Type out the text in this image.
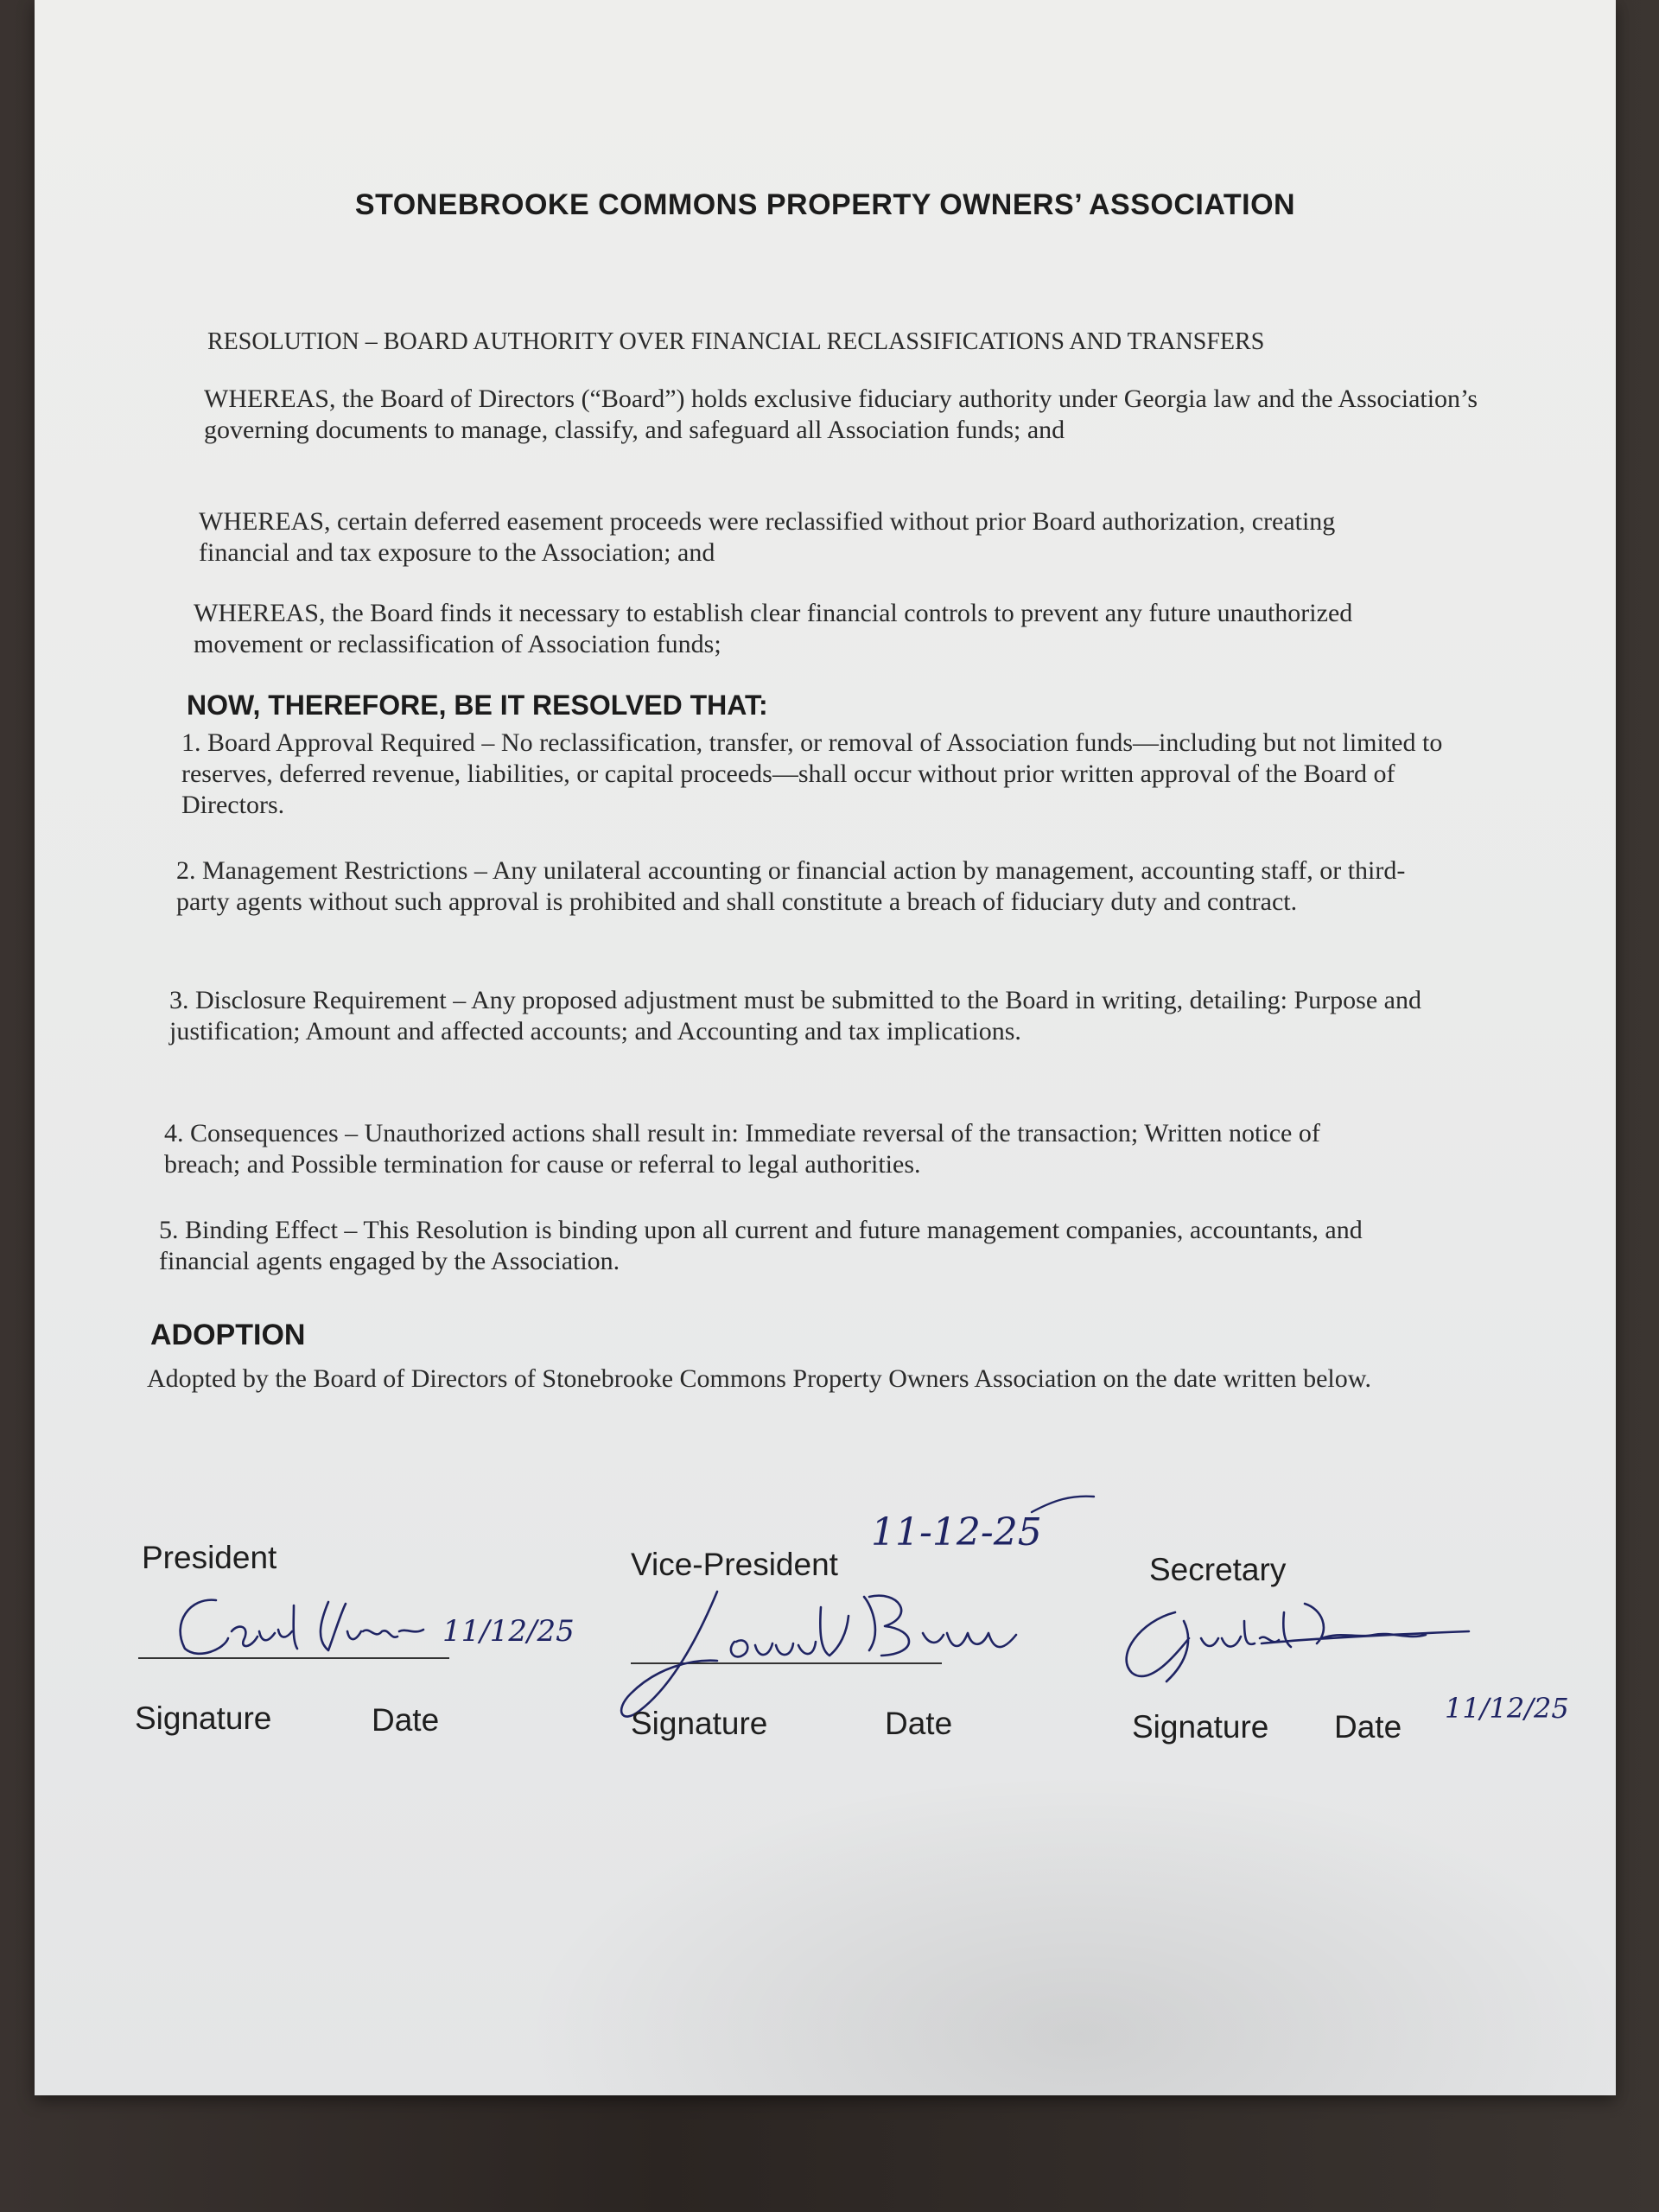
STONEBROOKE COMMONS PROPERTY OWNERS’ ASSOCIATION

RESOLUTION – BOARD AUTHORITY OVER FINANCIAL RECLASSIFICATIONS AND TRANSFERS

WHEREAS, the Board of Directors (“Board”) holds exclusive fiduciary authority under Georgia law and the Association’s governing documents to manage, classify, and safeguard all Association funds; and

WHEREAS, certain deferred easement proceeds were reclassified without prior Board authorization, creating financial and tax exposure to the Association; and

WHEREAS, the Board finds it necessary to establish clear financial controls to prevent any future unauthorized movement or reclassification of Association funds;

NOW, THEREFORE, BE IT RESOLVED THAT:

1. Board Approval Required – No reclassification, transfer, or removal of Association funds—including but not limited to reserves, deferred revenue, liabilities, or capital proceeds—shall occur without prior written approval of the Board of Directors.

2. Management Restrictions – Any unilateral accounting or financial action by management, accounting staff, or third-party agents without such approval is prohibited and shall constitute a breach of fiduciary duty and contract.

3. Disclosure Requirement – Any proposed adjustment must be submitted to the Board in writing, detailing: Purpose and justification; Amount and affected accounts; and Accounting and tax implications.

4. Consequences – Unauthorized actions shall result in: Immediate reversal of the transaction; Written notice of breach; and Possible termination for cause or referral to legal authorities.

5. Binding Effect – This Resolution is binding upon all current and future management companies, accountants, and financial agents engaged by the Association.

ADOPTION

Adopted by the Board of Directors of Stonebrooke Commons Property Owners Association on the date written below.

President

11/12/25

Signature	Date

Vice-President

11-12-25

Signature	Date

Secretary

Signature Date

11/12/25
